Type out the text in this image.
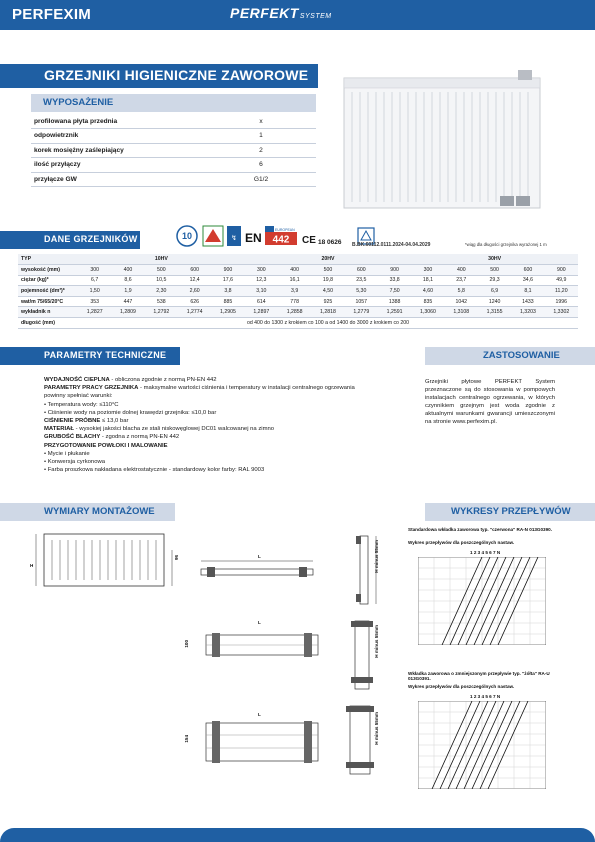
PERFEXIM	PERFEKTSYSTEM
GRZEJNIKI HIGIENICZNE ZAWOROWE
WYPOSAŻENIE
profilowana płyta przednia	x
odpowietrznik	1
korek mosiężny zaślepiający	2
ilość przyłączy	6
przyłącze GW	G1/2
DANE GRZEJNIKÓW	10	↯ EN
EUROPEAN
442 CE 18 0626 B.BK.60112.0111.2024-04.04.2029	*wiąg dla długości grzejnika wyrażonej 1 m
TYP	10HV					20HV					30HV				
wysokość (mm)	300	400	500	600	900	300	400	500	600	900	300	400	500	600	900
ciężar (kg)*	6,7	8,6	10,5	12,4	17,6	12,3	16,1	19,8	23,5	33,8	18,1	23,7	29,3	34,6	49,9
pojemność (dm³)*	1,50	1,9	2,30	2,60	3,8	3,10	3,9	4,50	5,30	7,50	4,60	5,8	6,9	8,1	11,20
wat/m 75/65/20°C	353	447	538	626	885	614	778	925	1057	1388	835	1042	1240	1433	1996
wykładnik n	1,2827	1,2809	1,2792	1,2774	1,2905	1,2897	1,2858	1,2818	1,2779	1,2591	1,3060	1,3108	1,3155	1,3203	1,3302
długość (mm)	od 400 do 1300 z krokiem co 100 a od 1400 do 3000 z krokiem co 200														
PARAMETRY TECHNICZNE	ZASTOSOWANIE
WYDAJNOŚĆ CIEPLNA - obliczona zgodnie z normą PN-EN 442
PARAMETRY PRACY GRZEJNIKA - maksymalne wartości ciśnienia i temperatury w instalacji centralnego ogrzewania
powinny spełniać warunki:
• Temperatura wody: ≤110°C
• Ciśnienie wody na poziomie dolnej krawędzi grzejnika: ≤10,0 bar
CIŚNIENIE PRÓBNE ≤ 13,0 bar
MATERIAŁ - wysokiej jakości blacha ze stali niskowęglowej DC01 walcowanej na zimno
GRUBOŚĆ BLACHY - zgodna z normą PN-EN 442
PRZYGOTOWANIE POWŁOKI I MALOWANIE
• Mycie i płukanie
• Konwersja cyrkonowa
• Farba proszkowa nakładana elektrostatycznie - standardowy kolor farby: RAL 9003
Grzejniki płytowe PERFEKT System przeznaczone są do stosowania w pompowych instalacjach centralnego ogrzewania, w których czynnikiem grzejnym jest woda zgodnie z aktualnymi warunkami gwarancji umieszczonymi na stronie www.perfexim.pl.
WYMIARY MONTAŻOWE	WYKRESY PRZEPŁYWÓW
H
56	L	H minus 55mm
L
100	H minus 55mm
L
154	H minus 55mm
Standardowa wkładka zaworowa typ. "czerwona" RA-N 013G0390.
Wykres przepływów dla poszczególnych nastaw.
1 2 3 4 5 6 7 N
Wkładka zaworowa o zmniejszonym przepływie typ. "żółta" RA-U 013G0391.
Wykres przepływów dla poszczególnych nastaw.
1 2 3 4 5 6 7 N
